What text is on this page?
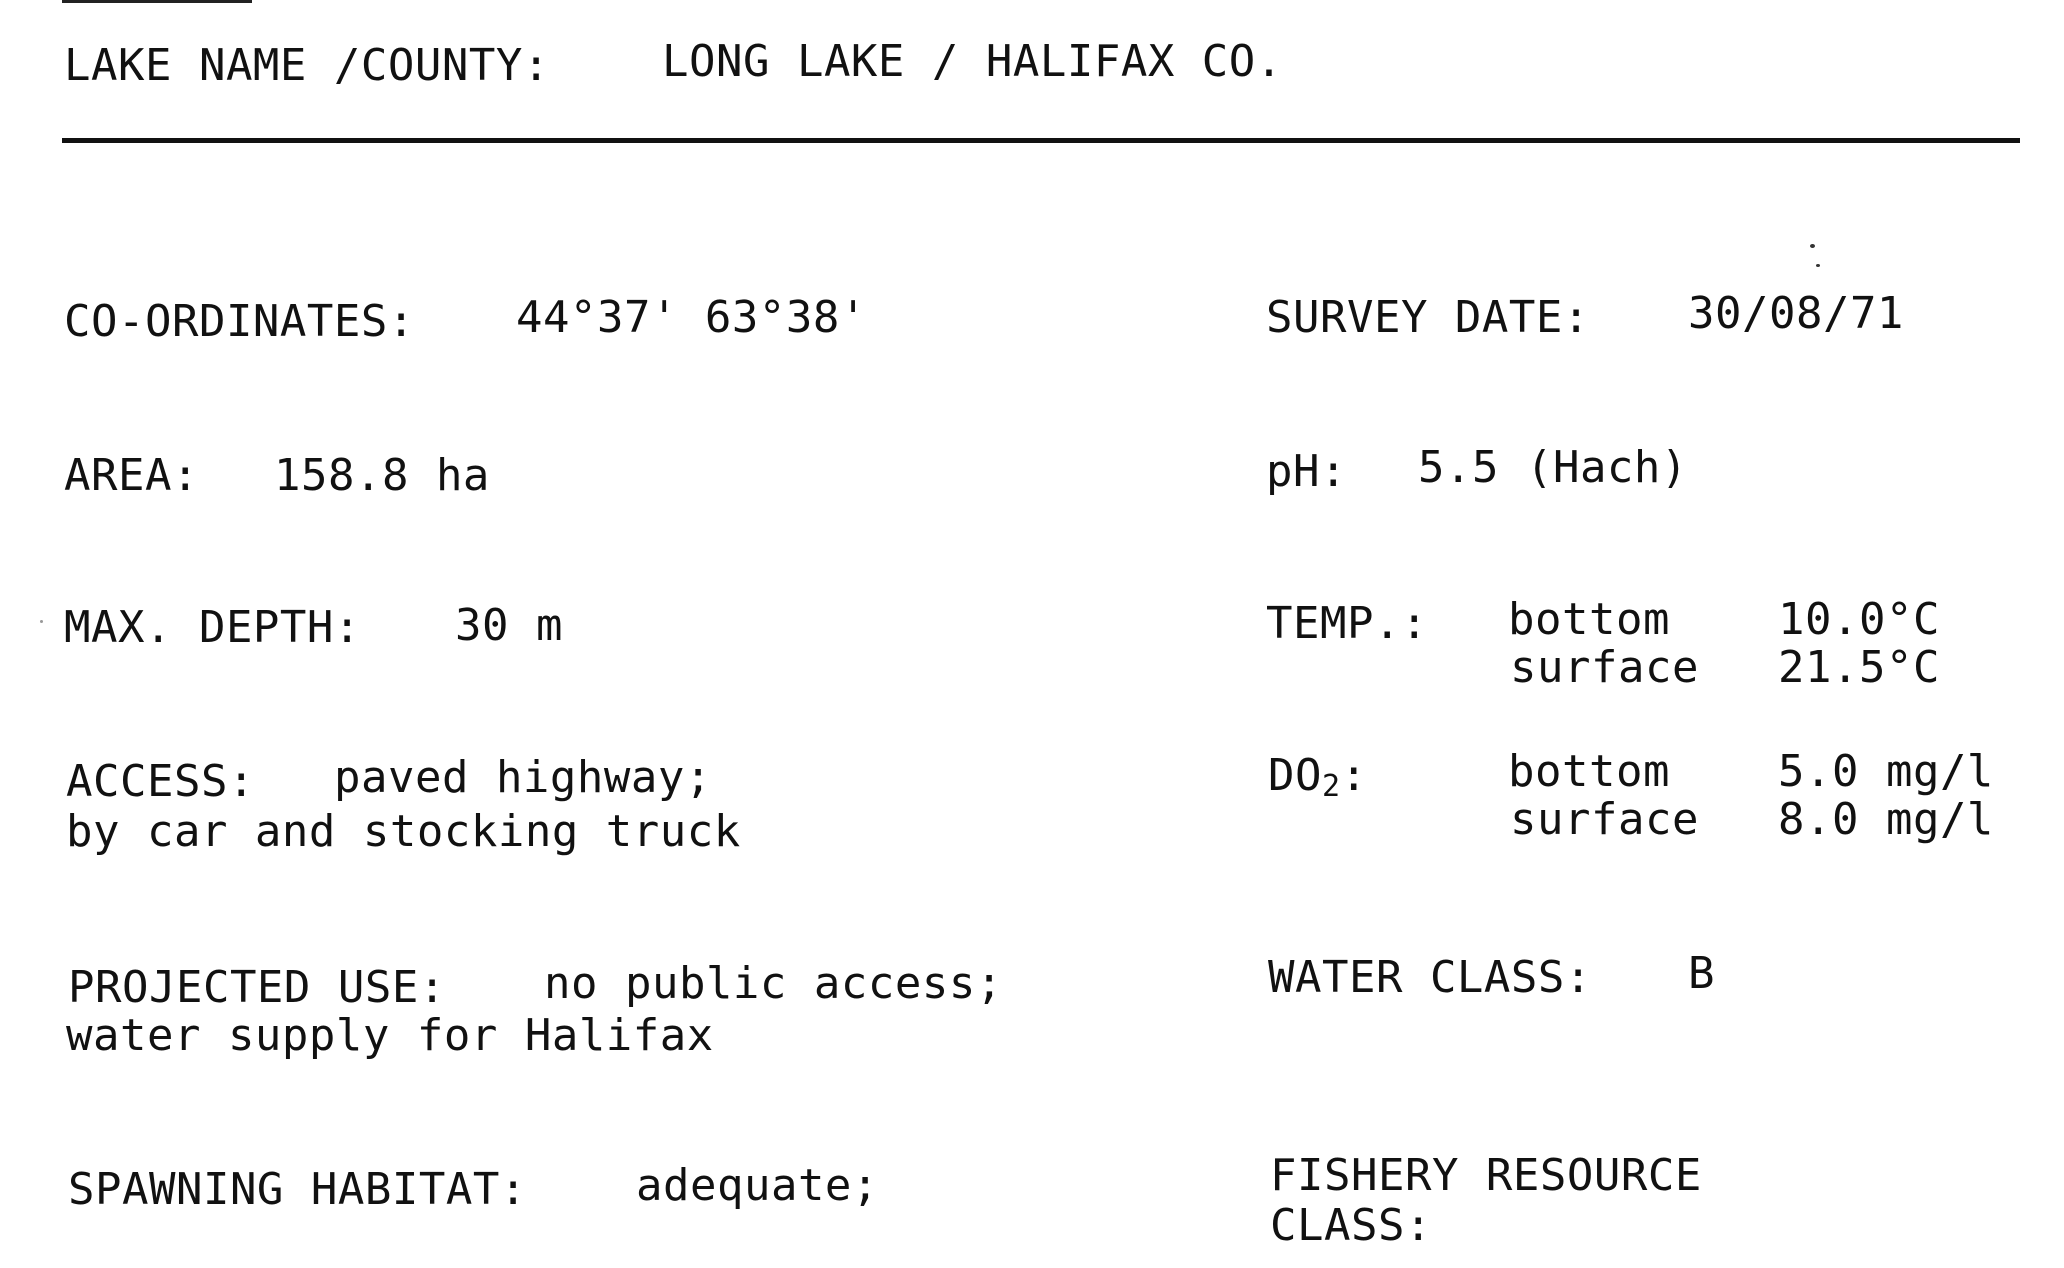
LAKE NAME /COUNTY:	LONG LAKE / HALIFAX CO.
CO-ORDINATES: 44°37' 63°38'
AREA: 158.8 ha
MAX. DEPTH: 30 m
ACCESS: paved highway;
by car and stocking truck
PROJECTED USE: no public access;
water supply for Halifax
SPAWNING HABITAT: adequate;
SURVEY DATE: 30/08/71
pH: 5.5 (Hach)
TEMP.: bottom 10.0°C
surface 21.5°C
$DO_2$:	bottom 5.0 mg/l
surface 8.0 mg/l
WATER CLASS: B
FISHERY RESOURCE
CLASS:
